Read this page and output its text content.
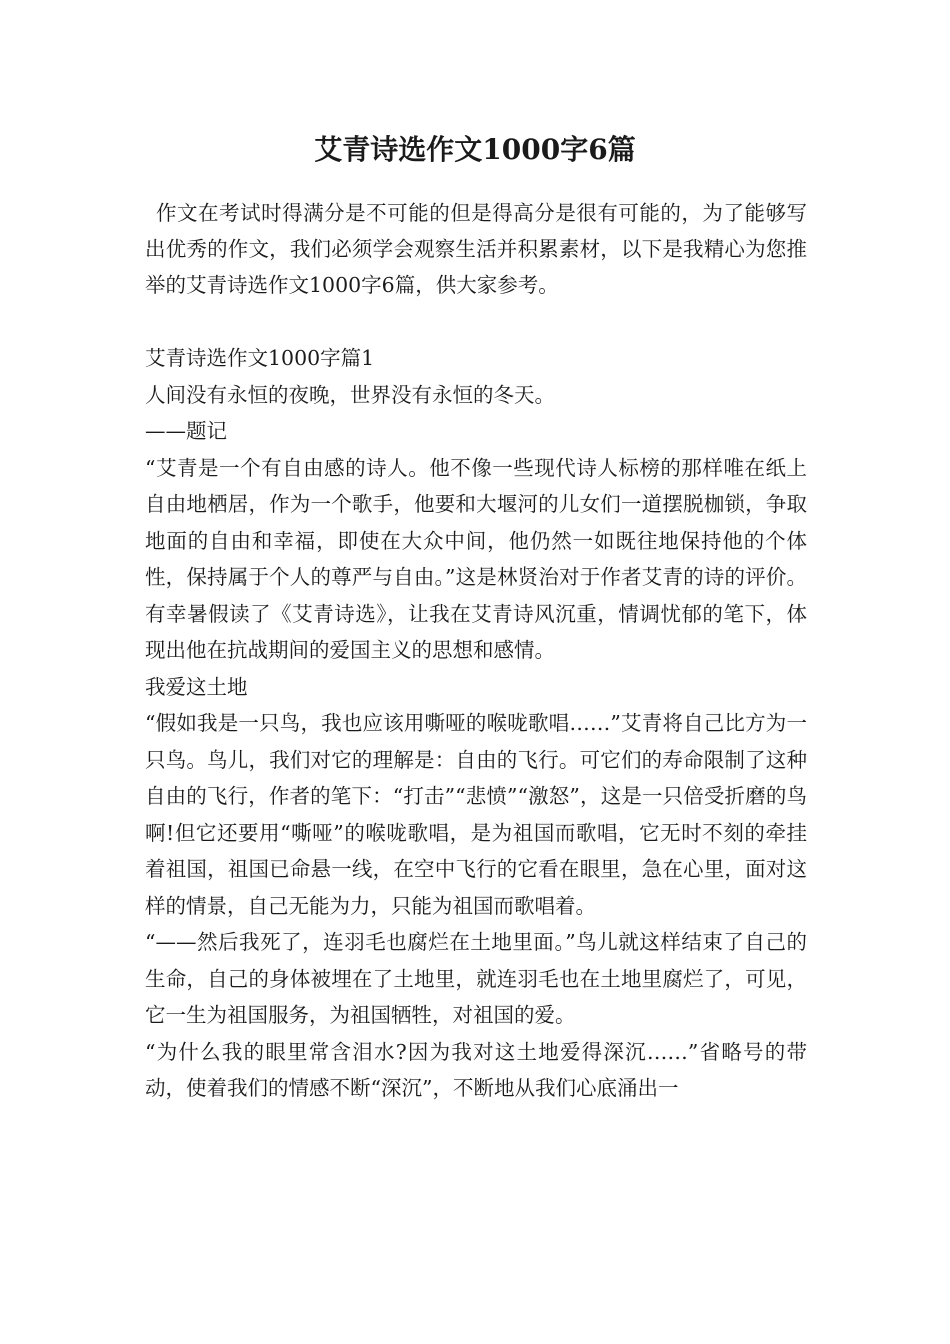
艾青诗选作文1000字6篇

作文在考试时得满分是不可能的但是得高分是很有可能的，为了能够写出优秀的作文，我们必须学会观察生活并积累素材，以下是我精心为您推举的艾青诗选作文1000字6篇，供大家参考。

艾青诗选作文1000字篇1

人间没有永恒的夜晚，世界没有永恒的冬天。

——题记

“艾青是一个有自由感的诗人。他不像一些现代诗人标榜的那样唯在纸上自由地栖居，作为一个歌手，他要和大堰河的儿女们一道摆脱枷锁，争取地面的自由和幸福，即使在大众中间，他仍然一如既往地保持他的个体性，保持属于个人的尊严与自由。”这是林贤治对于作者艾青的诗的评价。有幸暑假读了《艾青诗选》，让我在艾青诗风沉重，情调忧郁的笔下，体现出他在抗战期间的爱国主义的思想和感情。

我爱这土地

“假如我是一只鸟，我也应该用嘶哑的喉咙歌唱……”艾青将自己比方为一只鸟。鸟儿，我们对它的理解是：自由的飞行。可它们的寿命限制了这种自由的飞行，作者的笔下：“打击”“悲愤”“激怒”，这是一只倍受折磨的鸟啊!但它还要用“嘶哑”的喉咙歌唱，是为祖国而歌唱，它无时不刻的牵挂着祖国，祖国已命悬一线，在空中飞行的它看在眼里，急在心里，面对这样的情景，自己无能为力，只能为祖国而歌唱着。

“——然后我死了，连羽毛也腐烂在土地里面。”鸟儿就这样结束了自己的生命，自己的身体被埋在了土地里，就连羽毛也在土地里腐烂了，可见，它一生为祖国服务，为祖国牺牲，对祖国的爱。

“为什么我的眼里常含泪水?因为我对这土地爱得深沉……”省略号的带动，使着我们的情感不断“深沉”，不断地从我们心底涌出一
